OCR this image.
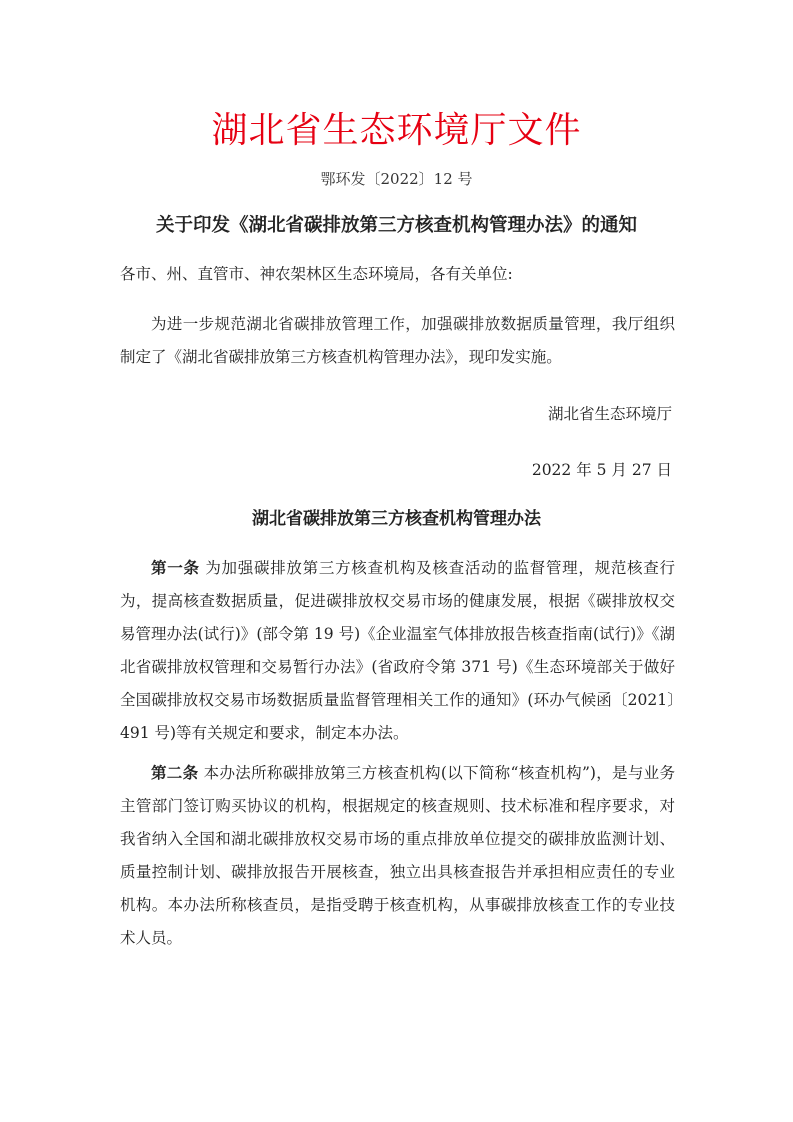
湖北省生态环境厅文件
鄂环发〔2022〕12 号
关于印发《湖北省碳排放第三方核查机构管理办法》的通知
各市、州、直管市、神农架林区生态环境局，各有关单位:
为进一步规范湖北省碳排放管理工作，加强碳排放数据质量管理，我厅组织制定了《湖北省碳排放第三方核查机构管理办法》，现印发实施。
湖北省生态环境厅
2022 年 5 月 27 日
湖北省碳排放第三方核查机构管理办法
第一条 为加强碳排放第三方核查机构及核查活动的监督管理，规范核查行为，提高核查数据质量，促进碳排放权交易市场的健康发展，根据《碳排放权交易管理办法(试行)》(部令第 19 号)《企业温室气体排放报告核查指南(试行)》《湖北省碳排放权管理和交易暂行办法》(省政府令第 371 号)《生态环境部关于做好全国碳排放权交易市场数据质量监督管理相关工作的通知》(环办气候函〔2021〕491 号)等有关规定和要求，制定本办法。
第二条 本办法所称碳排放第三方核查机构(以下简称“核查机构”)，是与业务主管部门签订购买协议的机构，根据规定的核查规则、技术标准和程序要求，对我省纳入全国和湖北碳排放权交易市场的重点排放单位提交的碳排放监测计划、质量控制计划、碳排放报告开展核查，独立出具核查报告并承担相应责任的专业机构。本办法所称核查员，是指受聘于核查机构，从事碳排放核查工作的专业技术人员。
